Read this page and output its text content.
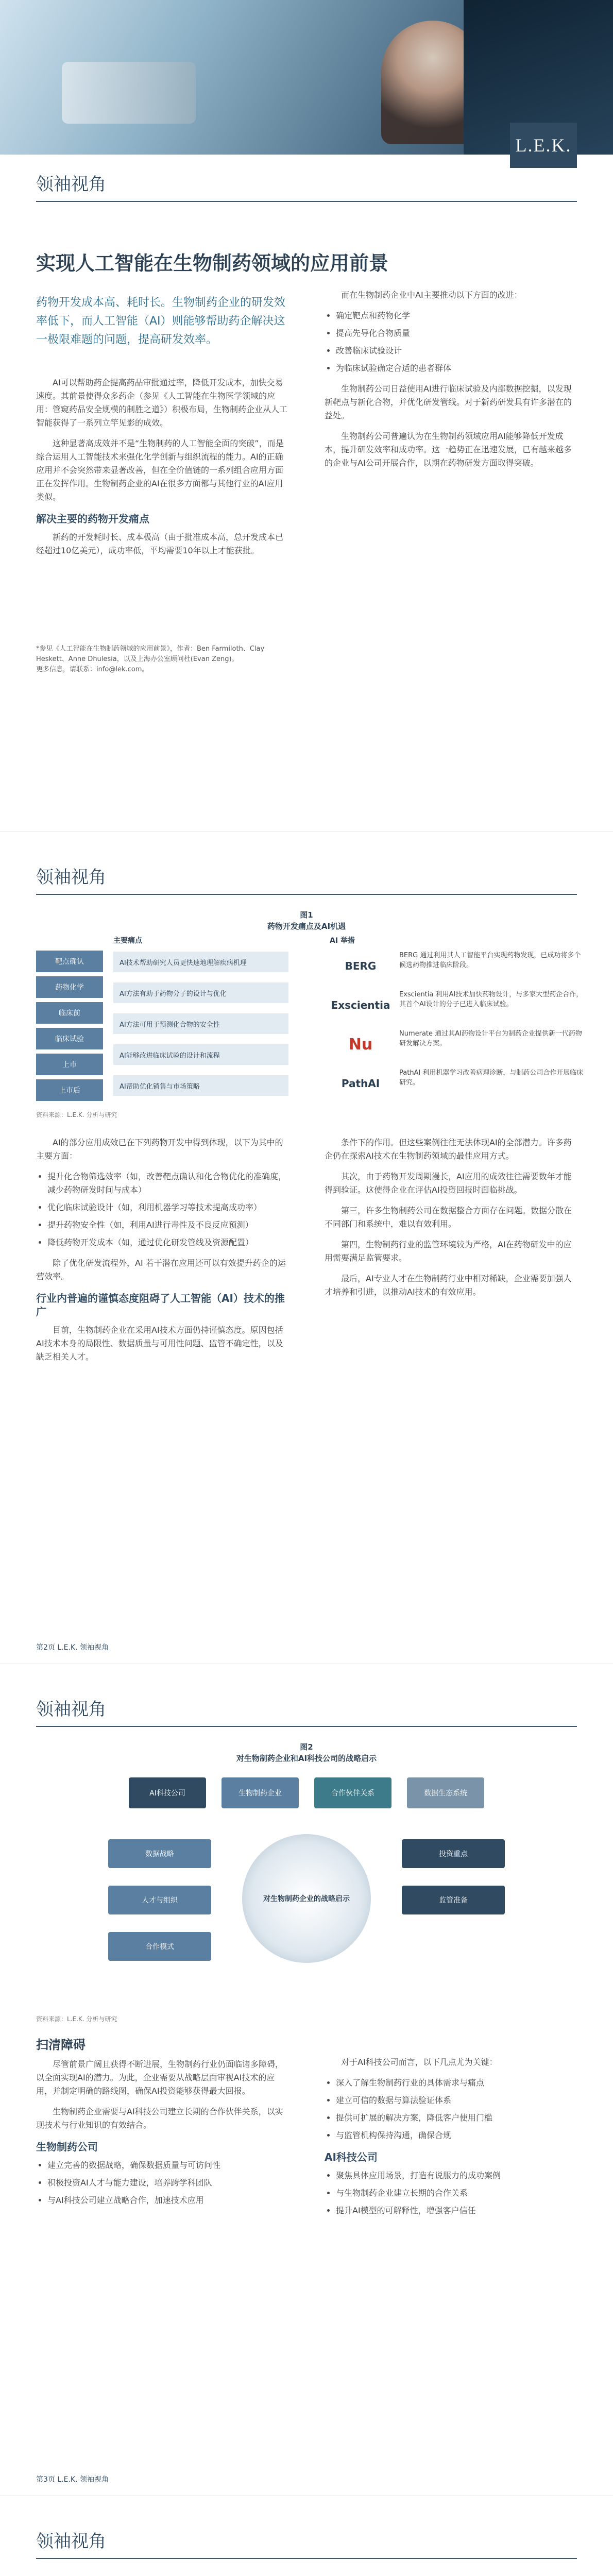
L.E.K.
领袖视角
实现人工智能在生物制药领域的应用前景
药物开发成本高、耗时长。生物制药企业的研发效率低下，而人工智能（AI）则能够帮助药企解决这一极限难题的问题，提高研发效率。

AI可以帮助药企提高药品审批通过率，降低开发成本，加快交易速度。其前景使得众多药企（参见《人工智能在生物医学领域的应用：管窥药品安全规模的制胜之道》）积极布局，生物制药企业从人工智能获得了一系列立竿见影的成效。

这种显著高成效并不是“生物制药的人工智能全面的突破”，而是综合运用人工智能技术来强化化学创新与组织流程的能力。AI的正确应用并不会突然带来显著改善，但在全价值链的一系列组合应用方面正在发挥作用。生物制药企业的AI在很多方面都与其他行业的AI应用类似。

解决主要的药物开发痛点

新药的开发耗时长、成本极高（由于批准成本高，总开发成本已经超过10亿美元），成功率低，平均需要10年以上才能获批。

而在生物制药企业中AI主要推动以下方面的改进：

• 确定靶点和药物化学
• 提高先导化合物质量
• 改善临床试验设计
• 为临床试验确定合适的患者群体

生物制药公司日益使用AI进行临床试验及内部数据挖掘，以发现新靶点与新化合物，并优化研发管线。对于新药研发具有许多潜在的益处。

生物制药公司普遍认为在生物制药领域应用AI能够降低开发成本，提升研发效率和成功率。这一趋势正在迅速发展，已有越来越多的企业与AI公司开展合作，以期在药物研发方面取得突破。

*参见《人工智能在生物制药领域的应用前景》，作者：Ben Farmiloth、Clay Heskett、Anne Dhulesia，以及上海办公室顾问杜(Evan Zeng)。
更多信息，请联系：info@lek.com。
领袖视角
图1
药物开发痛点及AI机遇
主要痛点	AI 举措
靶点确认
药物化学
临床前
临床试验
上市
上市后
AI技术帮助研究人员更快速地理解疾病机理
AI方法有助于药物分子的设计与优化
AI方法可用于预测化合物的安全性
AI能够改进临床试验的设计和流程
AI帮助优化销售与市场策略
BERG
BERG 通过利用其人工智能平台实现药物发现，已成功将多个候选药物推进临床阶段。
Exscientia
Exscientia 利用AI技术加快药物设计，与多家大型药企合作，其首个AI设计的分子已进入临床试验。
Nu
Numerate 通过其AI药物设计平台为制药企业提供新一代药物研发解决方案。
PathAI
PathAI 利用机器学习改善病理诊断，与制药公司合作开展临床研究。
资料来源：L.E.K. 分析与研究

AI的部分应用成效已在下列药物开发中得到体现，以下为其中的主要方面：

• 提升化合物筛选效率（如，改善靶点确认和化合物优化的准确度，减少药物研发时间与成本）
• 优化临床试验设计（如，利用机器学习等技术提高成功率）
• 提升药物安全性（如，利用AI进行毒性及不良反应预测）
• 降低药物开发成本（如，通过优化研发管线及资源配置）

除了优化研发流程外，AI 若干潜在应用还可以有效提升药企的运营效率。

行业内普遍的谨慎态度阻碍了人工智能（AI）技术的推广

目前，生物制药企业在采用AI技术方面仍持谨慎态度。原因包括AI技术本身的局限性、数据质量与可用性问题、监管不确定性，以及缺乏相关人才。

条件下的作用。但这些案例往往无法体现AI的全部潜力。许多药企仍在探索AI技术在生物制药领域的最佳应用方式。

其次，由于药物开发周期漫长，AI应用的成效往往需要数年才能得到验证。这使得企业在评估AI投资回报时面临挑战。

第三，许多生物制药公司在数据整合方面存在问题。数据分散在不同部门和系统中，难以有效利用。

第四，生物制药行业的监管环境较为严格，AI在药物研发中的应用需要满足监管要求。

最后，AI专业人才在生物制药行业中相对稀缺，企业需要加强人才培养和引进，以推动AI技术的有效应用。

第2页 L.E.K. 领袖视角
领袖视角
图2
对生物制药企业和AI科技公司的战略启示
AI科技公司	生物制药企业	合作伙伴关系	数据生态系统
对生物制药企业的战略启示
数据战略
人才与组织
合作模式
投资重点
监管准备
资料来源：L.E.K. 分析与研究
扫清障碍

尽管前景广阔且获得不断进展，生物制药行业仍面临诸多障碍，以全面实现AI的潜力。为此，企业需要从战略层面审视AI技术的应用，并制定明确的路线图，确保AI投资能够获得最大回报。

生物制药企业需要与AI科技公司建立长期的合作伙伴关系，以实现技术与行业知识的有效结合。

生物制药公司
• 建立完善的数据战略，确保数据质量与可访问性
• 积极投资AI人才与能力建设，培养跨学科团队
• 与AI科技公司建立战略合作，加速技术应用

对于AI科技公司而言，以下几点尤为关键：

• 深入了解生物制药行业的具体需求与痛点
• 建立可信的数据与算法验证体系
• 提供可扩展的解决方案，降低客户使用门槛
• 与监管机构保持沟通，确保合规
AI科技公司
• 聚焦具体应用场景，打造有说服力的成功案例
• 与生物制药企业建立长期的合作关系
• 提升AI模型的可解释性，增强客户信任
第3页 L.E.K. 领袖视角
领袖视角
